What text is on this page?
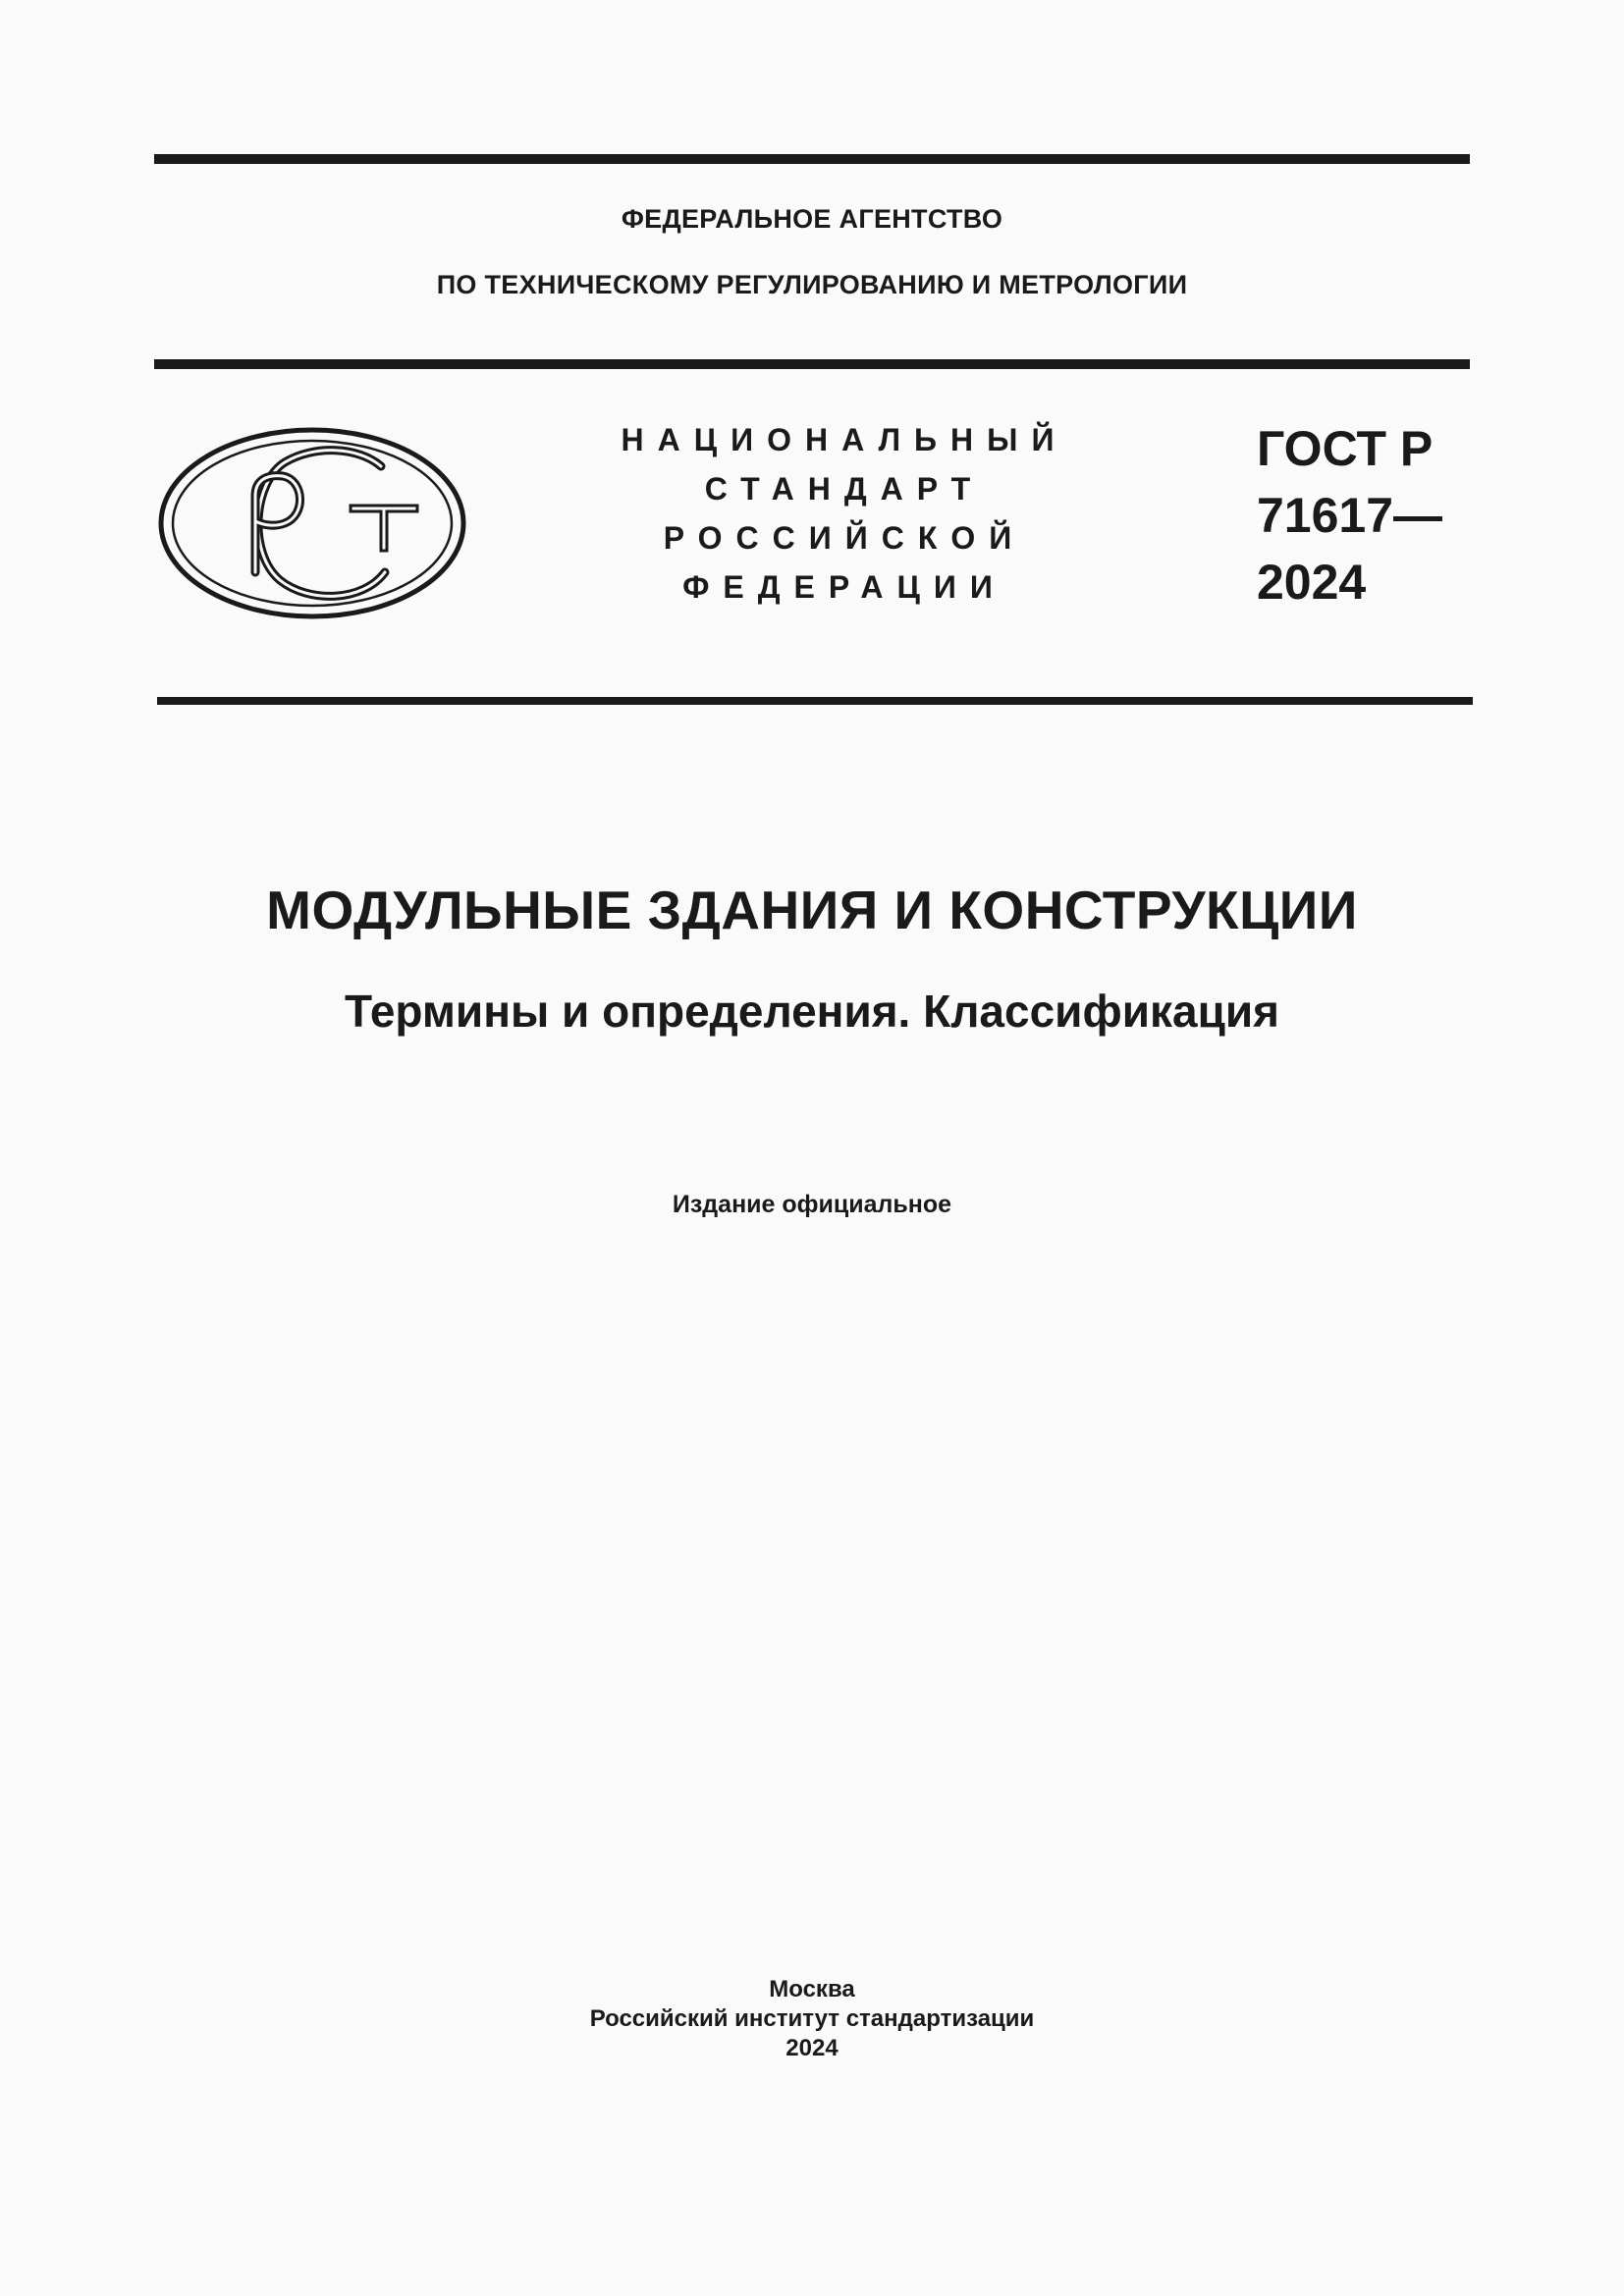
ФЕДЕРАЛЬНОЕ АГЕНТСТВО
ПО ТЕХНИЧЕСКОМУ РЕГУЛИРОВАНИЮ И МЕТРОЛОГИИ
НАЦИОНАЛЬНЫЙ
СТАНДАРТ
РОССИЙСКОЙ
ФЕДЕРАЦИИ
ГОСТ Р
71617—
2024
МОДУЛЬНЫЕ ЗДАНИЯ И КОНСТРУКЦИИ
Термины и определения. Классификация
Издание официальное
Москва
Российский институт стандартизации
2024
